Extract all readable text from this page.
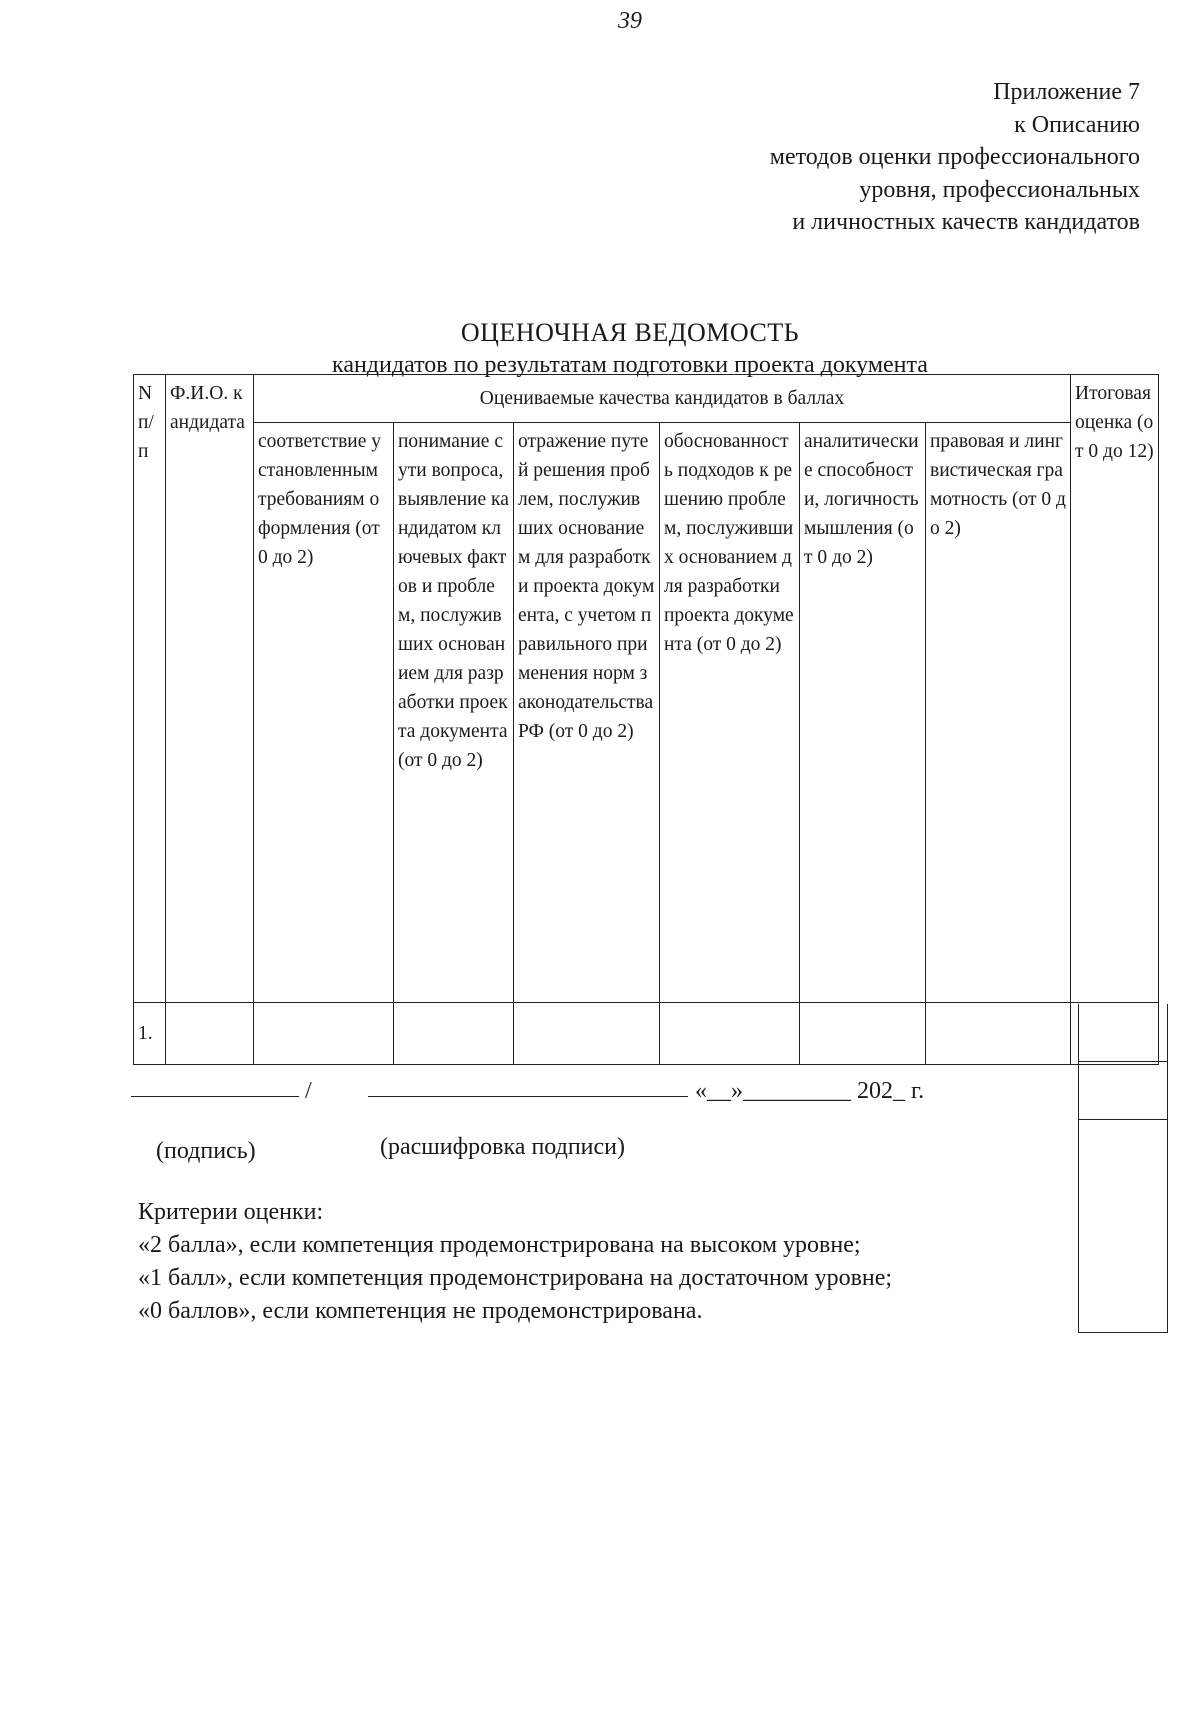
39
Приложение 7
к Описанию
методов оценки профессионального
уровня, профессиональных
и личностных качеств кандидатов
ОЦЕНОЧНАЯ ВЕДОМОСТЬ
кандидатов по результатам подготовки проекта документа
N п/п	Ф.И.О. кандидата	Оцениваемые качества кандидатов в баллах						Итоговая оценка (от 0 до 12)
		соответствие установленным требованиям оформления (от 0 до 2)	понимание сути вопроса, выявление кандидатом ключевых фактов и проблем, послуживших основанием для разработки проекта документа (от 0 до 2)	отражение путей решения проблем, послуживших основанием для разработки проекта документа, с учетом правильного применения норм законодательства РФ (от 0 до 2)	обоснованность подходов к решению проблем, послуживших основанием для разработки проекта документа (от 0 до 2)	аналитические способности, логичность мышления (от 0 до 2)	правовая и лингвистическая грамотность (от 0 до 2)	
1.								
/	«__»_________ 202_ г.
(подпись)	(расшифровка подписи)
Критерии оценки:
«2 балла», если компетенция продемонстрирована на высоком уровне;
«1 балл», если компетенция продемонстрирована на достаточном уровне;
«0 баллов», если компетенция не продемонстрирована.
